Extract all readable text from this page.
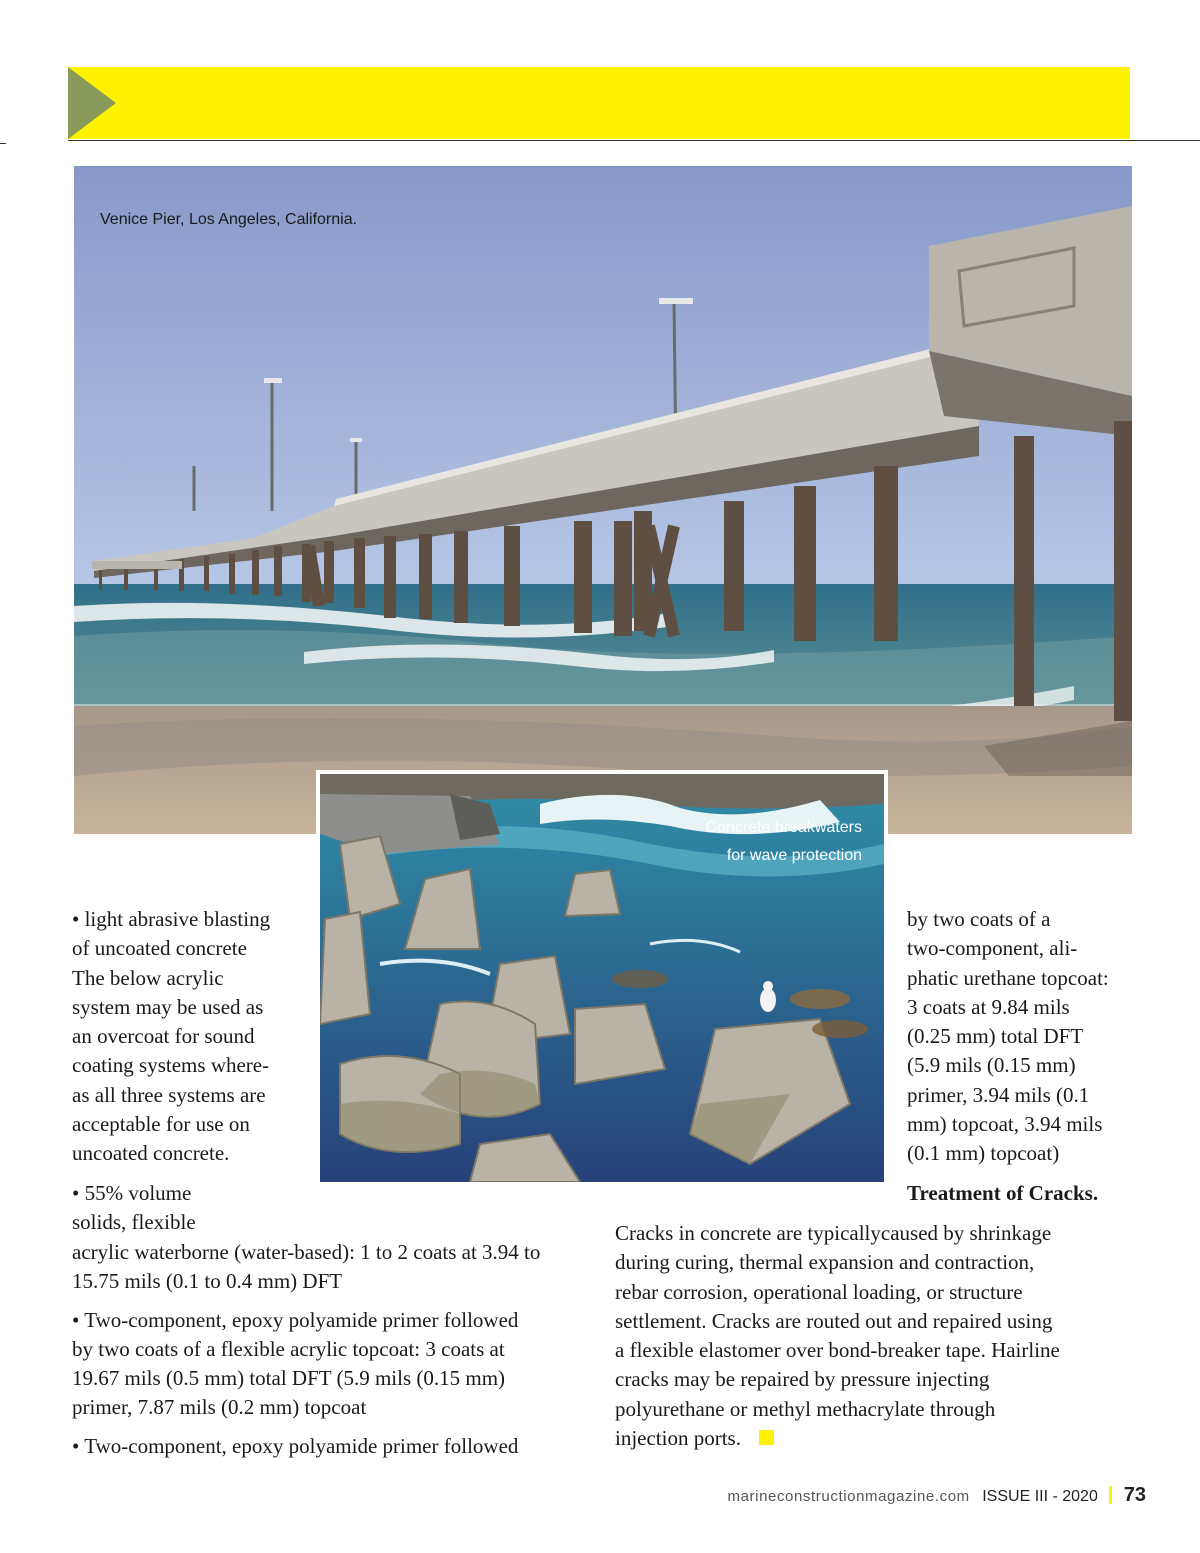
Venice Pier, Los Angeles, California.
Concrete breakwaters
for wave protection

• light abrasive blasting

of uncoated concrete

The below acrylic

system may be used as

an overcoat for sound

coating systems where-

as all three systems are

acceptable for use on

uncoated concrete.

• 55% volume

solids, flexible

acrylic waterborne (water-based): 1 to 2 coats at 3.94 to

15.75 mils (0.1 to 0.4 mm) DFT

• Two-component, epoxy polyamide primer followed

by two coats of a flexible acrylic topcoat: 3 coats at

19.67 mils (0.5 mm) total DFT (5.9 mils (0.15 mm)

primer, 7.87 mils (0.2 mm) topcoat

• Two-component, epoxy polyamide primer followed

by two coats of a

two-component, ali-

phatic urethane topcoat:

3 coats at 9.84 mils

(0.25 mm) total DFT

(5.9 mils (0.15 mm)

primer, 3.94 mils (0.1

mm) topcoat, 3.94 mils

(0.1 mm) topcoat)

Treatment of Cracks.

Cracks in concrete are typicallycaused by shrinkage

during curing, thermal expansion and contraction,

rebar corrosion, operational loading, or structure

settlement. Cracks are routed out and repaired using

a flexible elastomer over bond-breaker tape. Hairline

cracks may be repaired by pressure injecting

polyurethane or methyl methacrylate through

injection ports.

marineconstructionmagazine.com ISSUE III - 2020 73
